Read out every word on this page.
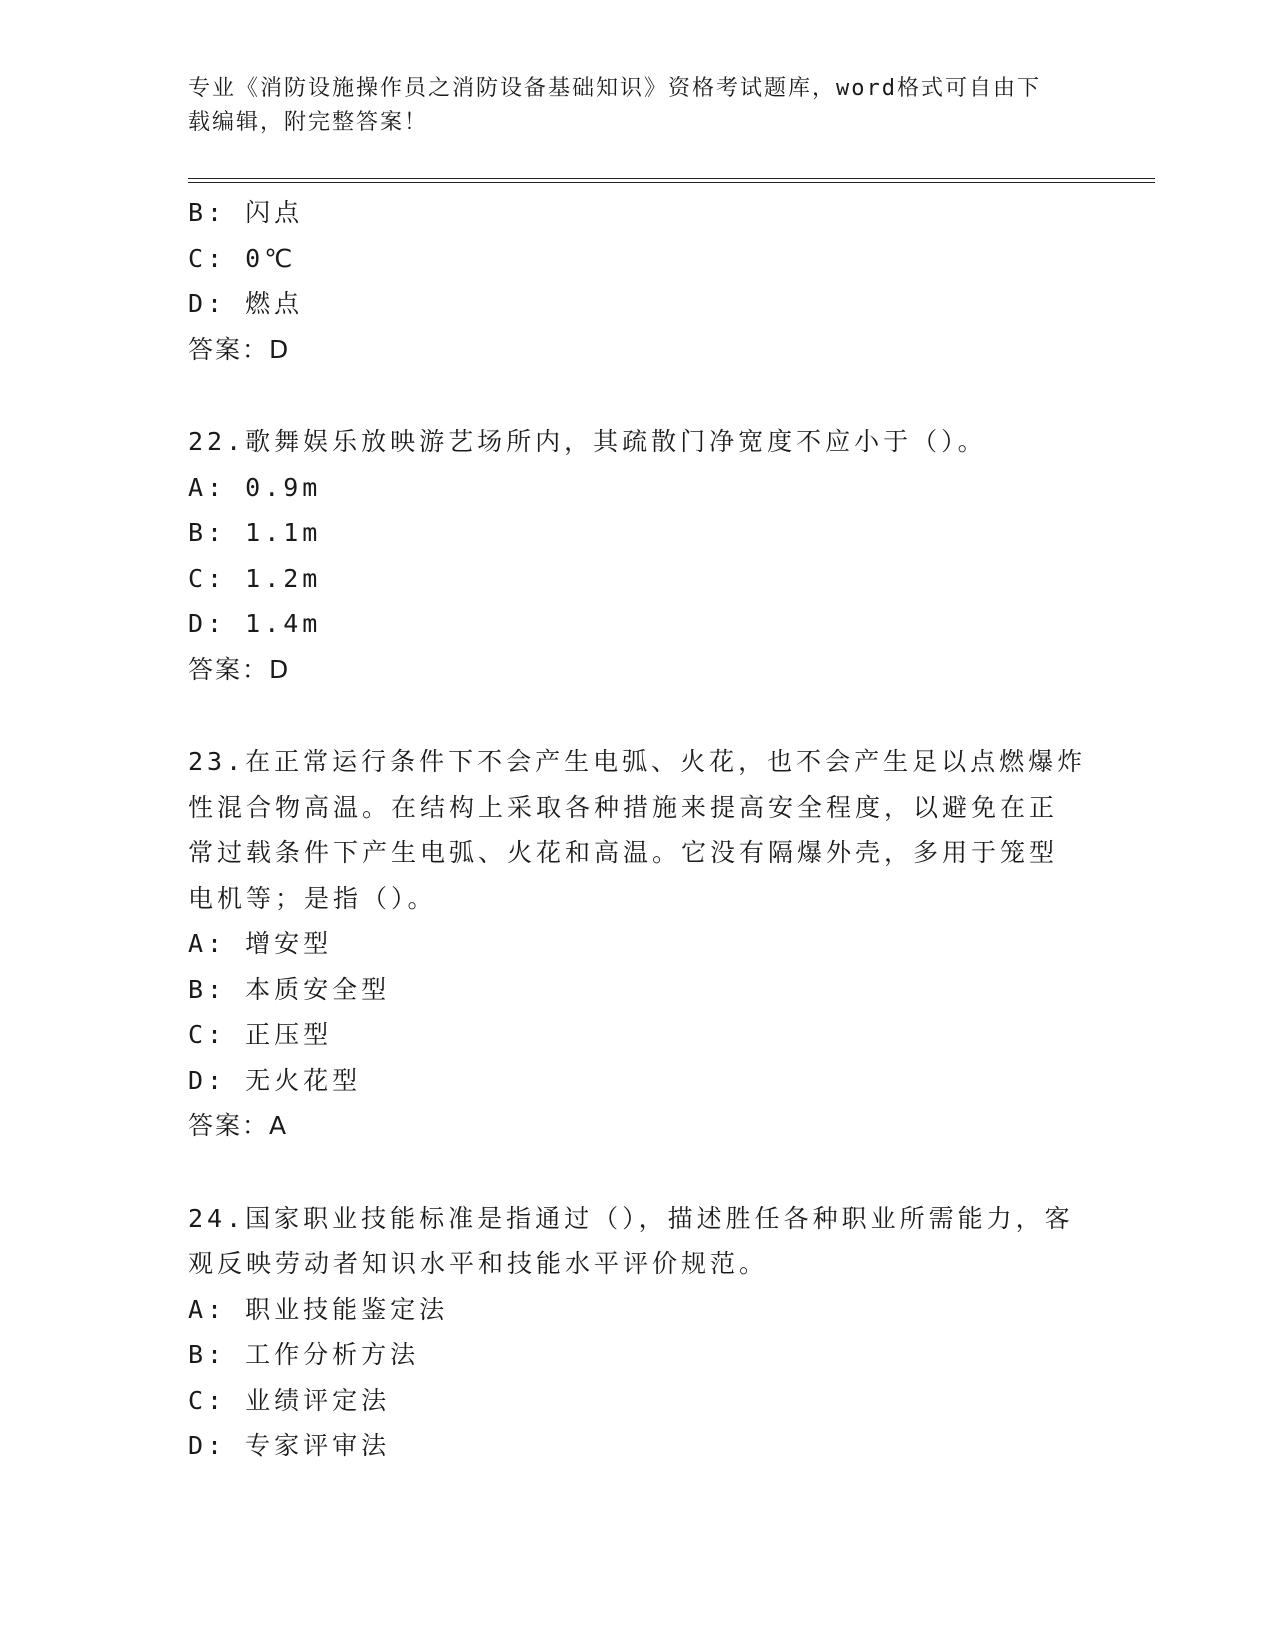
专业《消防设施操作员之消防设备基础知识》资格考试题库，word格式可自由下
载编辑，附完整答案！
B: 闪点
C: 0℃
D: 燃点
答案：D
22.歌舞娱乐放映游艺场所内，其疏散门净宽度不应小于（）。
A: 0.9m
B: 1.1m
C: 1.2m
D: 1.4m
答案：D
23.在正常运行条件下不会产生电弧、火花，也不会产生足以点燃爆炸
性混合物高温。在结构上采取各种措施来提高安全程度，以避免在正
常过载条件下产生电弧、火花和高温。它没有隔爆外壳，多用于笼型
电机等；是指（）。
A: 增安型
B: 本质安全型
C: 正压型
D: 无火花型
答案：A
24.国家职业技能标准是指通过（），描述胜任各种职业所需能力，客
观反映劳动者知识水平和技能水平评价规范。
A: 职业技能鉴定法
B: 工作分析方法
C: 业绩评定法
D: 专家评审法
